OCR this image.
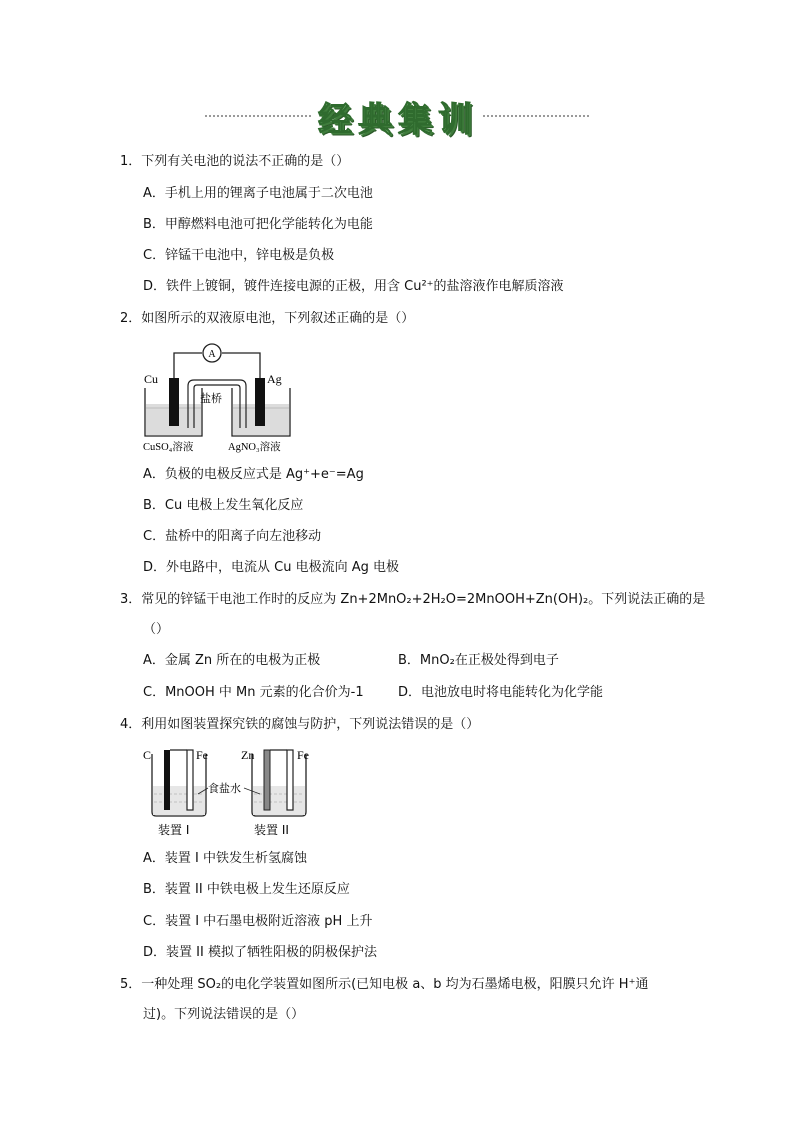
经典集训
1．下列有关电池的说法不正确的是（）
A．手机上用的锂离子电池属于二次电池
B．甲醇燃料电池可把化学能转化为电能
C．锌锰干电池中，锌电极是负极
D．铁件上镀铜，镀件连接电源的正极，用含 Cu²⁺的盐溶液作电解质溶液
2．如图所示的双液原电池，下列叙述正确的是（）
A
Cu	Ag
盐桥
CuSO₄溶液	AgNO₃溶液
A．负极的电极反应式是 Ag⁺+e⁻=Ag
B．Cu 电极上发生氧化反应
C．盐桥中的阳离子向左池移动
D．外电路中，电流从 Cu 电极流向 Ag 电极
3．常见的锌锰干电池工作时的反应为 Zn+2MnO₂+2H₂O=2MnOOH+Zn(OH)₂。下列说法正确的是
（）
A．金属 Zn 所在的电极为正极	B．MnO₂在正极处得到电子
C．MnOOH 中 Mn 元素的化合价为-1	D．电池放电时将电能转化为化学能
4．利用如图装置探究铁的腐蚀与防护，下列说法错误的是（）
C	Fe
装置 I
Zn	Fe
装置 II
食盐水
A．装置 I 中铁发生析氢腐蚀
B．装置 II 中铁电极上发生还原反应
C．装置 I 中石墨电极附近溶液 pH 上升
D．装置 II 模拟了牺牲阳极的阴极保护法
5．一种处理 SO₂的电化学装置如图所示(已知电极 a、b 均为石墨烯电极，阳膜只允许 H⁺通
过)。下列说法错误的是（）
